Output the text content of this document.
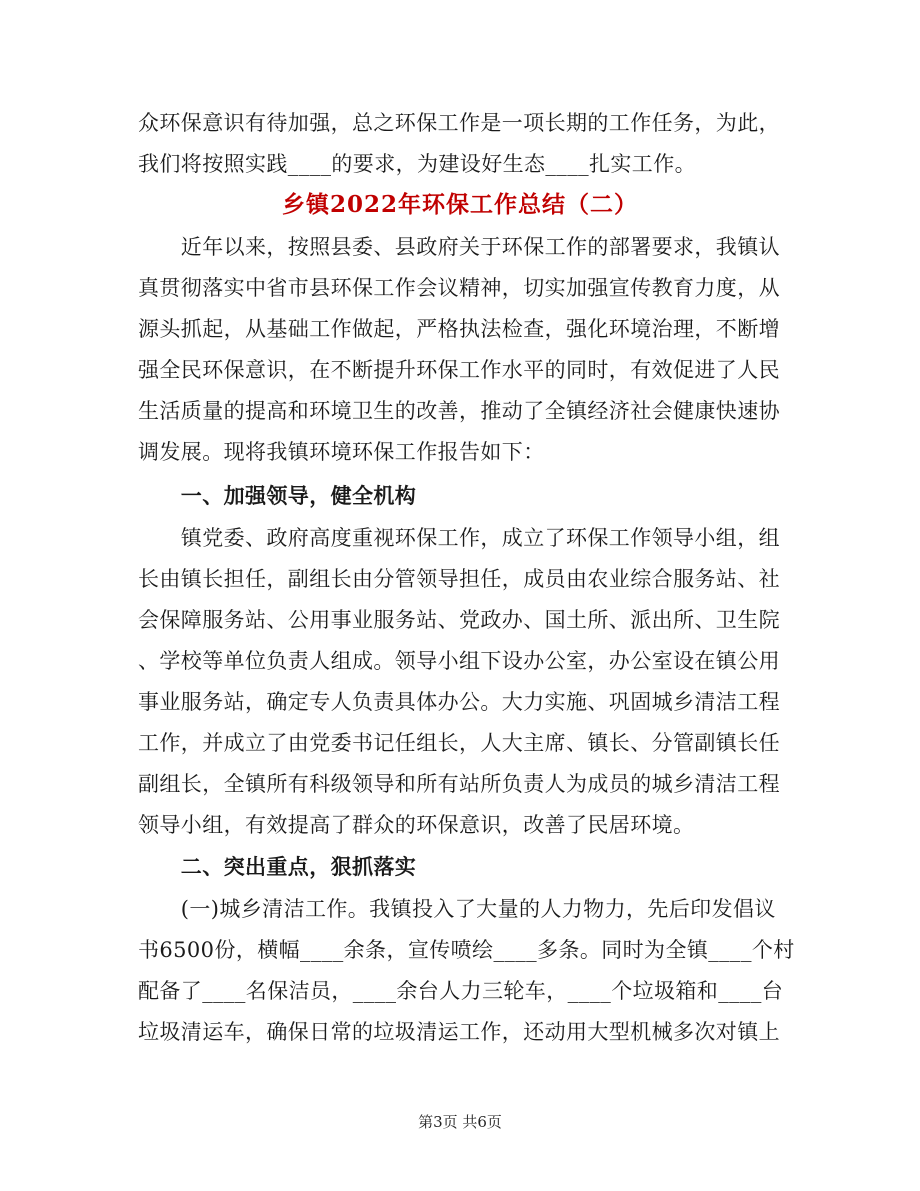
众环保意识有待加强，总之环保工作是一项长期的工作任务，为此，
我们将按照实践____的要求，为建设好生态____扎实工作。
乡镇2022年环保工作总结（二）
　　近年以来，按照县委、县政府关于环保工作的部署要求，我镇认
真贯彻落实中省市县环保工作会议精神，切实加强宣传教育力度，从
源头抓起，从基础工作做起，严格执法检查，强化环境治理，不断增
强全民环保意识，在不断提升环保工作水平的同时，有效促进了人民
生活质量的提高和环境卫生的改善，推动了全镇经济社会健康快速协
调发展。现将我镇环境环保工作报告如下：
　　一、加强领导，健全机构
　　镇党委、政府高度重视环保工作，成立了环保工作领导小组，组
长由镇长担任，副组长由分管领导担任，成员由农业综合服务站、社
会保障服务站、公用事业服务站、党政办、国土所、派出所、卫生院
、学校等单位负责人组成。领导小组下设办公室，办公室设在镇公用
事业服务站，确定专人负责具体办公。大力实施、巩固城乡清洁工程
工作，并成立了由党委书记任组长，人大主席、镇长、分管副镇长任
副组长，全镇所有科级领导和所有站所负责人为成员的城乡清洁工程
领导小组，有效提高了群众的环保意识，改善了民居环境。
　　二、突出重点，狠抓落实
　　(一)城乡清洁工作。我镇投入了大量的人力物力，先后印发倡议
书6500份，横幅____余条，宣传喷绘____多条。同时为全镇____个村
配备了____名保洁员，____余台人力三轮车，____个垃圾箱和____台
垃圾清运车，确保日常的垃圾清运工作，还动用大型机械多次对镇上
第3页 共6页
